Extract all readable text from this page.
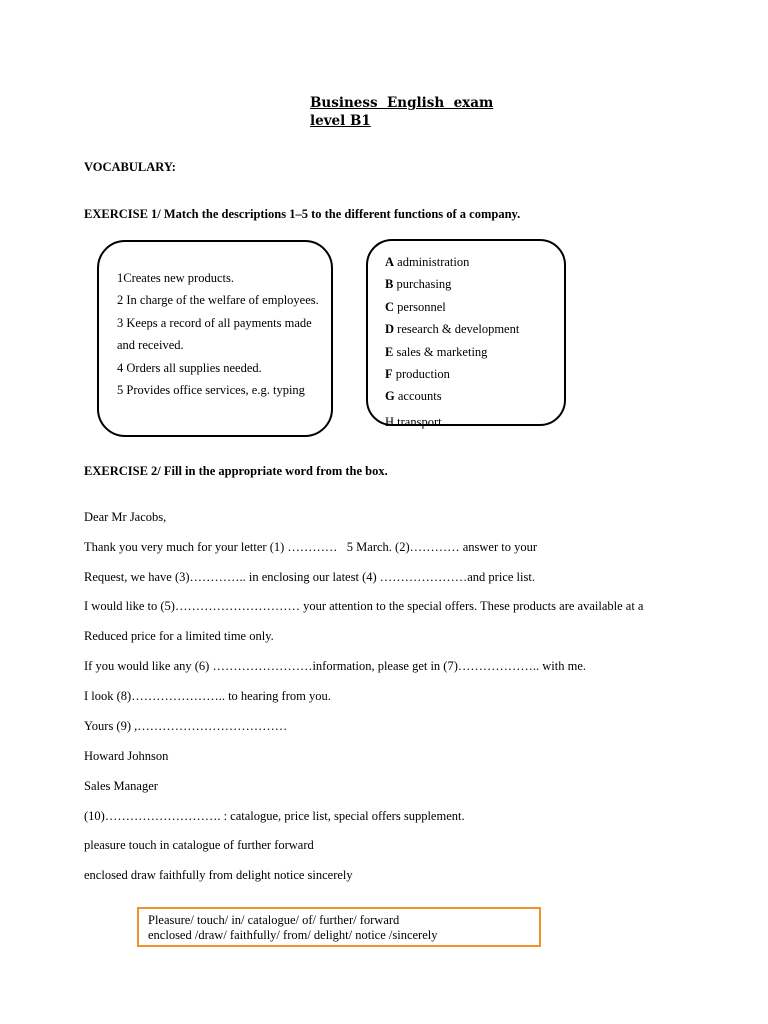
Business  English  exam
level B1
VOCABULARY:
EXERCISE 1/ Match the descriptions 1–5 to the different functions of a company.
1Creates new products.
2 In charge of the welfare of employees.
3 Keeps a record of all payments made and received.
4 Orders all supplies needed.
5 Provides office services, e.g. typing
A administration
B purchasing
C personnel
D research & development
E sales & marketing
F production
G accounts
H transport
EXERCISE 2/ Fill in the appropriate word from the box.
Dear Mr Jacobs,
Thank you very much for your letter (1) …………   5 March. (2)………… answer to your
Request, we have (3)………….. in enclosing our latest (4) …………………and price list.
I would like to (5)………………………… your attention to the special offers. These products are available at a
Reduced price for a limited time only.
If you would like any (6) ……………………information, please get in (7)……………….. with me.
I look (8)………………….. to hearing from you.
Yours (9) ,………………………………
Howard Johnson
Sales Manager
(10)………………………. : catalogue, price list, special offers supplement.
pleasure touch in catalogue of further forward
enclosed draw faithfully from delight notice sincerely
Pleasure/ touch/ in/ catalogue/ of/ further/ forward
enclosed /draw/ faithfully/ from/ delight/ notice /sincerely
